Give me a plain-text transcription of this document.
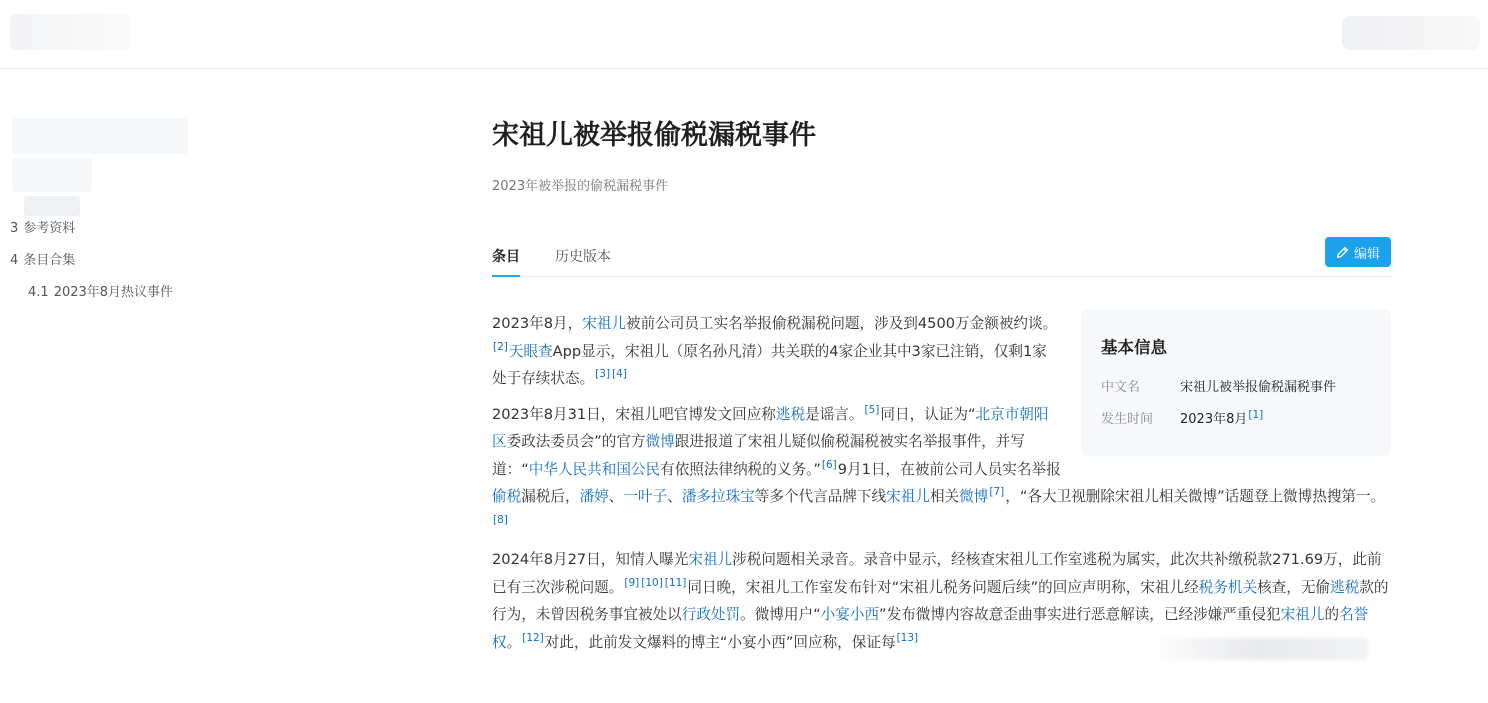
3 参考资料
4 条目合集
4.1 2023年8月热议事件
宋祖儿被举报偷税漏税事件
2023年被举报的偷税漏税事件
条目	历史版本	编辑
基本信息
中文名	宋祖儿被举报偷税漏税事件
发生时间 2023年8月[1]

2023年8月，宋祖儿被前公司员工实名举报偷税漏税问题，涉及到4500万金额被约谈。[2]天眼查App显示，宋祖儿（原名孙凡清）共关联的4家企业其中3家已注销，仅剩1家处于存续状态。[3] [4]

2023年8月31日，宋祖儿吧官博发文回应称逃税是谣言。[5]同日，认证为“北京市朝阳区委政法委员会”的官方微博跟进报道了宋祖儿疑似偷税漏税被实名举报事件，并写道：“中华人民共和国公民有依照法律纳税的义务。”[6]9月1日，在被前公司人员实名举报偷税漏税后，潘婷、一叶子、潘多拉珠宝等多个代言品牌下线宋祖儿相关微博[7]，“各大卫视删除宋祖儿相关微博”话题登上微博热搜第一。[8]

2024年8月27日，知情人曝光宋祖儿涉税问题相关录音。录音中显示，经核查宋祖儿工作室逃税为属实，此次共补缴税款271.69万，此前已有三次涉税问题。[9] [10] [11]同日晚，宋祖儿工作室发布针对“宋祖儿税务问题后续”的回应声明称，宋祖儿经税务机关核查，无偷逃税款的行为，未曾因税务事宜被处以行政处罚。微博用户“小宴小西”发布微博内容故意歪曲事实进行恶意解读，已经涉嫌严重侵犯宋祖儿的名誉权。[12]对此，此前发文爆料的博主“小宴小西”回应称，保证每[13]
